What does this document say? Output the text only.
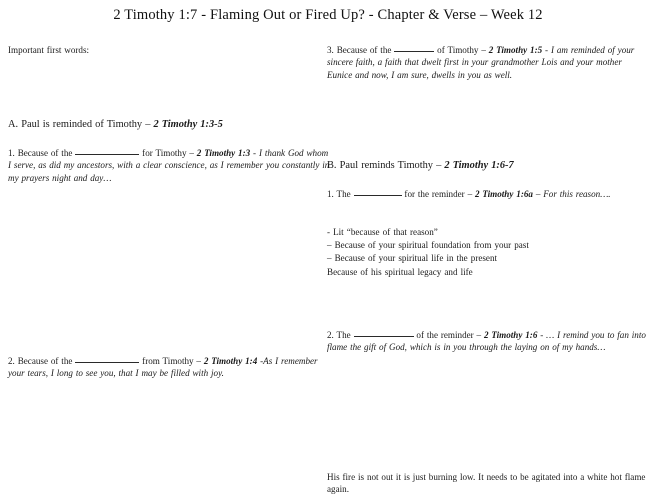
2 Timothy 1:7 - Flaming Out or Fired Up? - Chapter & Verse – Week 12
Important first words:
A. Paul is reminded of Timothy – 2 Timothy 1:3-5
1. Because of the	for Timothy – 2 Timothy 1:3 - I thank God whom I serve, as did my ancestors, with a clear conscience, as I remember you constantly in my prayers night and day…
2. Because of the	from Timothy – 2 Timothy 1:4 -As I remember your tears, I long to see you, that I may be filled with joy.
3. Because of the	of Timothy – 2 Timothy 1:5 - I am reminded of your sincere faith, a faith that dwelt first in your grandmother Lois and your mother Eunice and now, I am sure, dwells in you as well.
B. Paul reminds Timothy – 2 Timothy 1:6-7
1. The	for the reminder – 2 Timothy 1:6a – For this reason….
- Lit “because of that reason”
– Because of your spiritual foundation from your past
– Because of your spiritual life in the present
Because of his spiritual legacy and life
2. The	of the reminder – 2 Timothy 1:6 - … I remind you to fan into flame the gift of God, which is in you through the laying on of my hands…
His fire is not out it is just burning low. It needs to be agitated into a white hot flame again.
